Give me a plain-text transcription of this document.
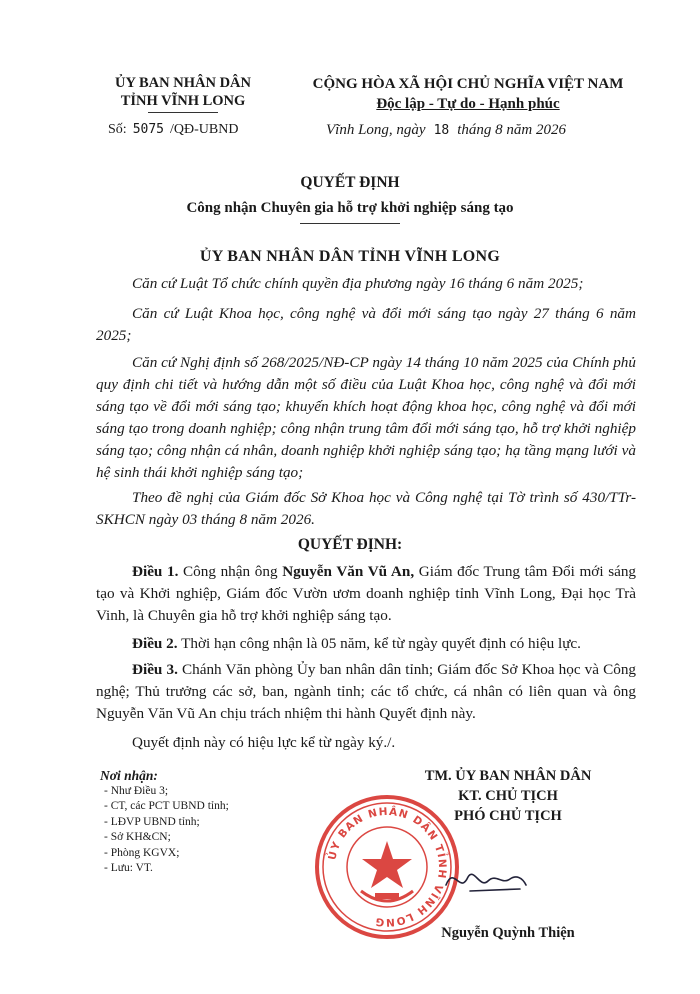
ỦY BAN NHÂN DÂN
TỈNH VĨNH LONG
CỘNG HÒA XÃ HỘI CHỦ NGHĨA VIỆT NAM
Độc lập - Tự do - Hạnh phúc
Số: 5075 /QĐ-UBND	Vĩnh Long, ngày 18 tháng 8 năm 2026
QUYẾT ĐỊNH
Công nhận Chuyên gia hỗ trợ khởi nghiệp sáng tạo
ỦY BAN NHÂN DÂN TỈNH VĨNH LONG
Căn cứ Luật Tổ chức chính quyền địa phương ngày 16 tháng 6 năm 2025;
Căn cứ Luật Khoa học, công nghệ và đổi mới sáng tạo ngày 27 tháng 6 năm 2025;
Căn cứ Nghị định số 268/2025/NĐ-CP ngày 14 tháng 10 năm 2025 của Chính phủ quy định chi tiết và hướng dẫn một số điều của Luật Khoa học, công nghệ và đổi mới sáng tạo về đổi mới sáng tạo; khuyến khích hoạt động khoa học, công nghệ và đổi mới sáng tạo trong doanh nghiệp; công nhận trung tâm đổi mới sáng tạo, hỗ trợ khởi nghiệp sáng tạo; công nhận cá nhân, doanh nghiệp khởi nghiệp sáng tạo; hạ tầng mạng lưới và hệ sinh thái khởi nghiệp sáng tạo;
Theo đề nghị của Giám đốc Sở Khoa học và Công nghệ tại Tờ trình số 430/TTr-SKHCN ngày 03 tháng 8 năm 2026.
QUYẾT ĐỊNH:
Điều 1. Công nhận ông Nguyễn Văn Vũ An, Giám đốc Trung tâm Đổi mới sáng tạo và Khởi nghiệp, Giám đốc Vườn ươm doanh nghiệp tỉnh Vĩnh Long, Đại học Trà Vinh, là Chuyên gia hỗ trợ khởi nghiệp sáng tạo.
Điều 2. Thời hạn công nhận là 05 năm, kể từ ngày quyết định có hiệu lực.
Điều 3. Chánh Văn phòng Ủy ban nhân dân tỉnh; Giám đốc Sở Khoa học và Công nghệ; Thủ trưởng các sở, ban, ngành tỉnh; các tổ chức, cá nhân có liên quan và ông Nguyễn Văn Vũ An chịu trách nhiệm thi hành Quyết định này.
Quyết định này có hiệu lực kể từ ngày ký./.
Nơi nhận:
- Như Điều 3;
- CT, các PCT UBND tỉnh;
- LĐVP UBND tỉnh;
- Sở KH&CN;
- Phòng KGVX;
- Lưu: VT.
TM. ỦY BAN NHÂN DÂN
KT. CHỦ TỊCH
PHÓ CHỦ TỊCH
ỦY BAN NHÂN DÂN TỈNH VĨNH LONG
Nguyễn Quỳnh Thiện
